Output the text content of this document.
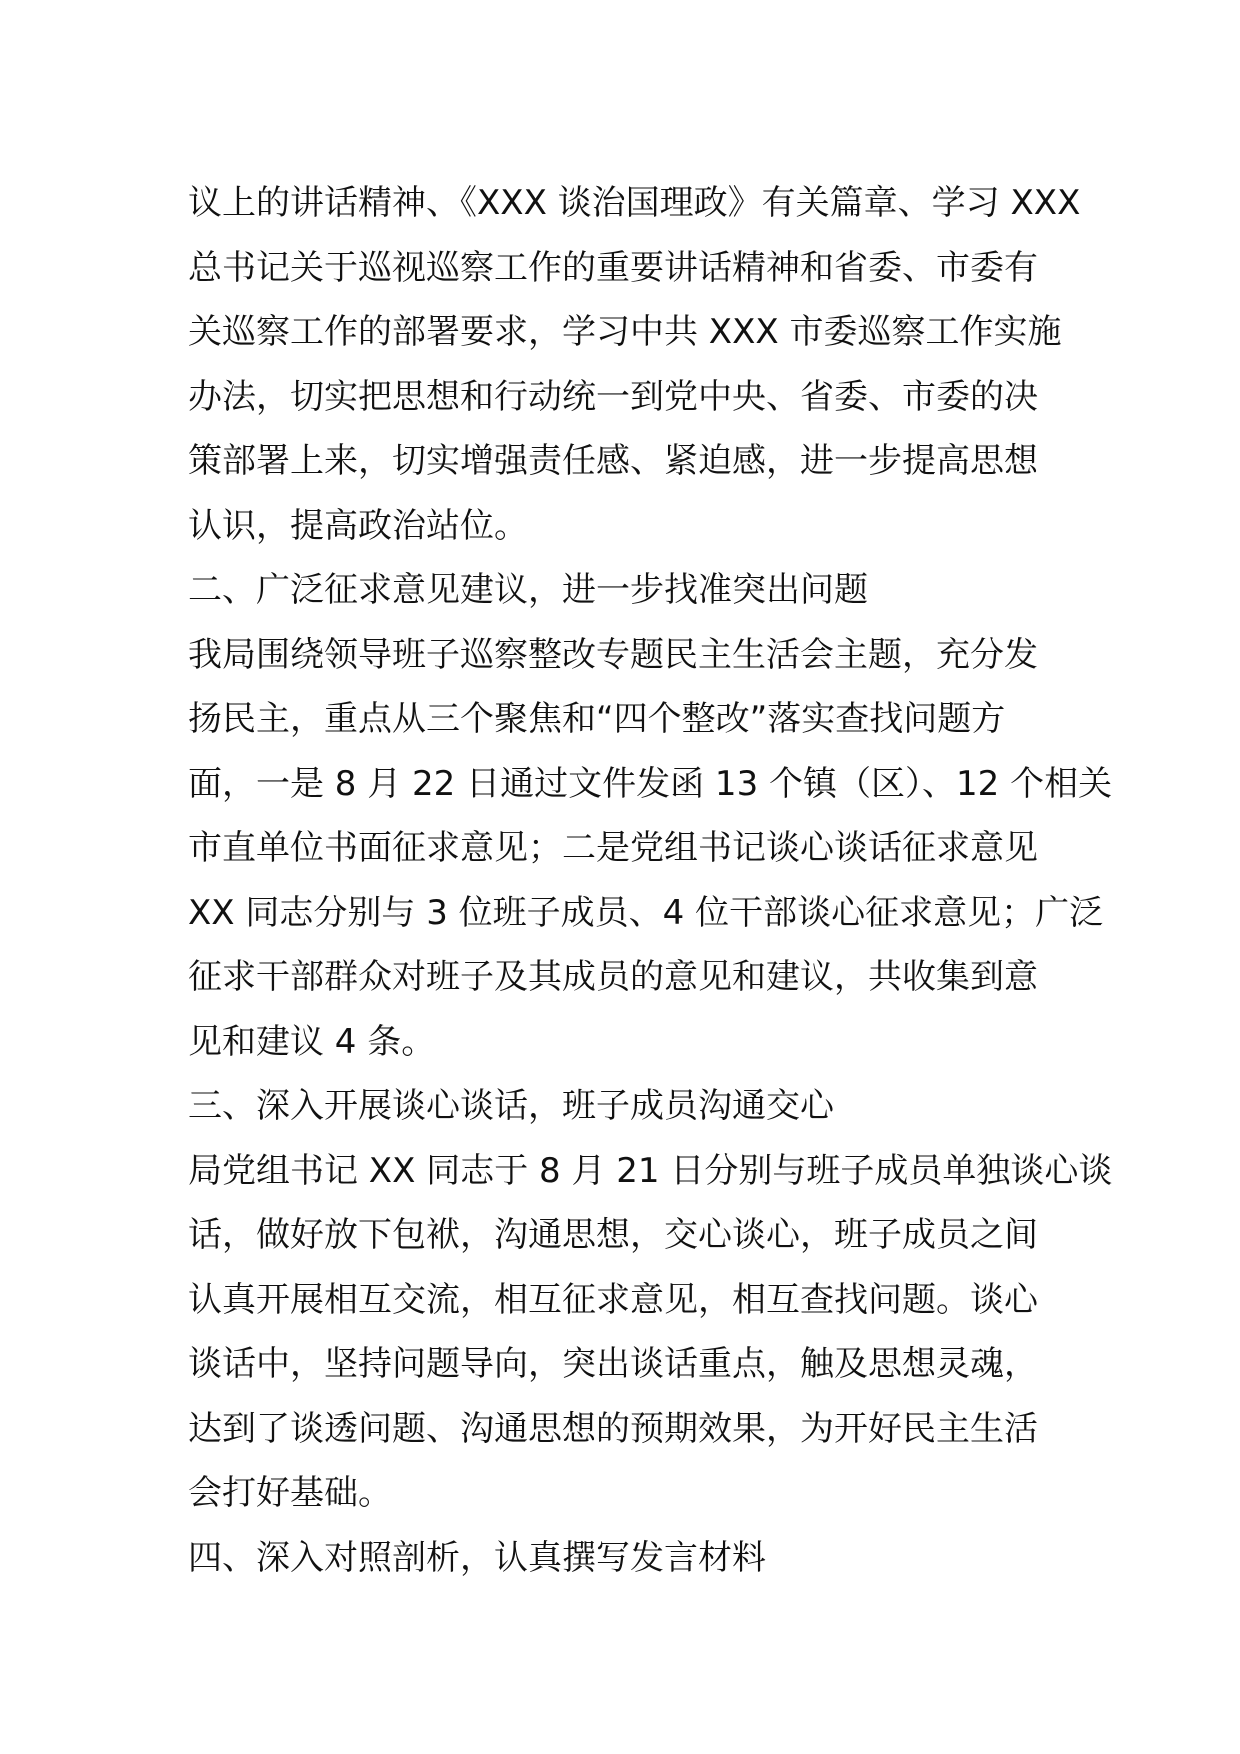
议上的讲话精神、《XXX 谈治国理政》有关篇章、学习 XXX
总书记关于巡视巡察工作的重要讲话精神和省委、市委有
关巡察工作的部署要求，学习中共 XXX 市委巡察工作实施
办法，切实把思想和行动统一到党中央、省委、市委的决
策部署上来，切实增强责任感、紧迫感，进一步提高思想
认识，提高政治站位。
二、广泛征求意见建议，进一步找准突出问题
我局围绕领导班子巡察整改专题民主生活会主题，充分发
扬民主，重点从三个聚焦和“四个整改”落实查找问题方
面，一是 8 月 22 日通过文件发函 13 个镇（区）、12 个相关
市直单位书面征求意见；二是党组书记谈心谈话征求意见
XX 同志分别与 3 位班子成员、4 位干部谈心征求意见；广泛
征求干部群众对班子及其成员的意见和建议，共收集到意
见和建议 4 条。
三、深入开展谈心谈话，班子成员沟通交心
局党组书记 XX 同志于 8 月 21 日分别与班子成员单独谈心谈
话，做好放下包袱，沟通思想，交心谈心，班子成员之间
认真开展相互交流，相互征求意见，相互查找问题。谈心
谈话中，坚持问题导向，突出谈话重点，触及思想灵魂，
达到了谈透问题、沟通思想的预期效果，为开好民主生活
会打好基础。
四、深入对照剖析，认真撰写发言材料
